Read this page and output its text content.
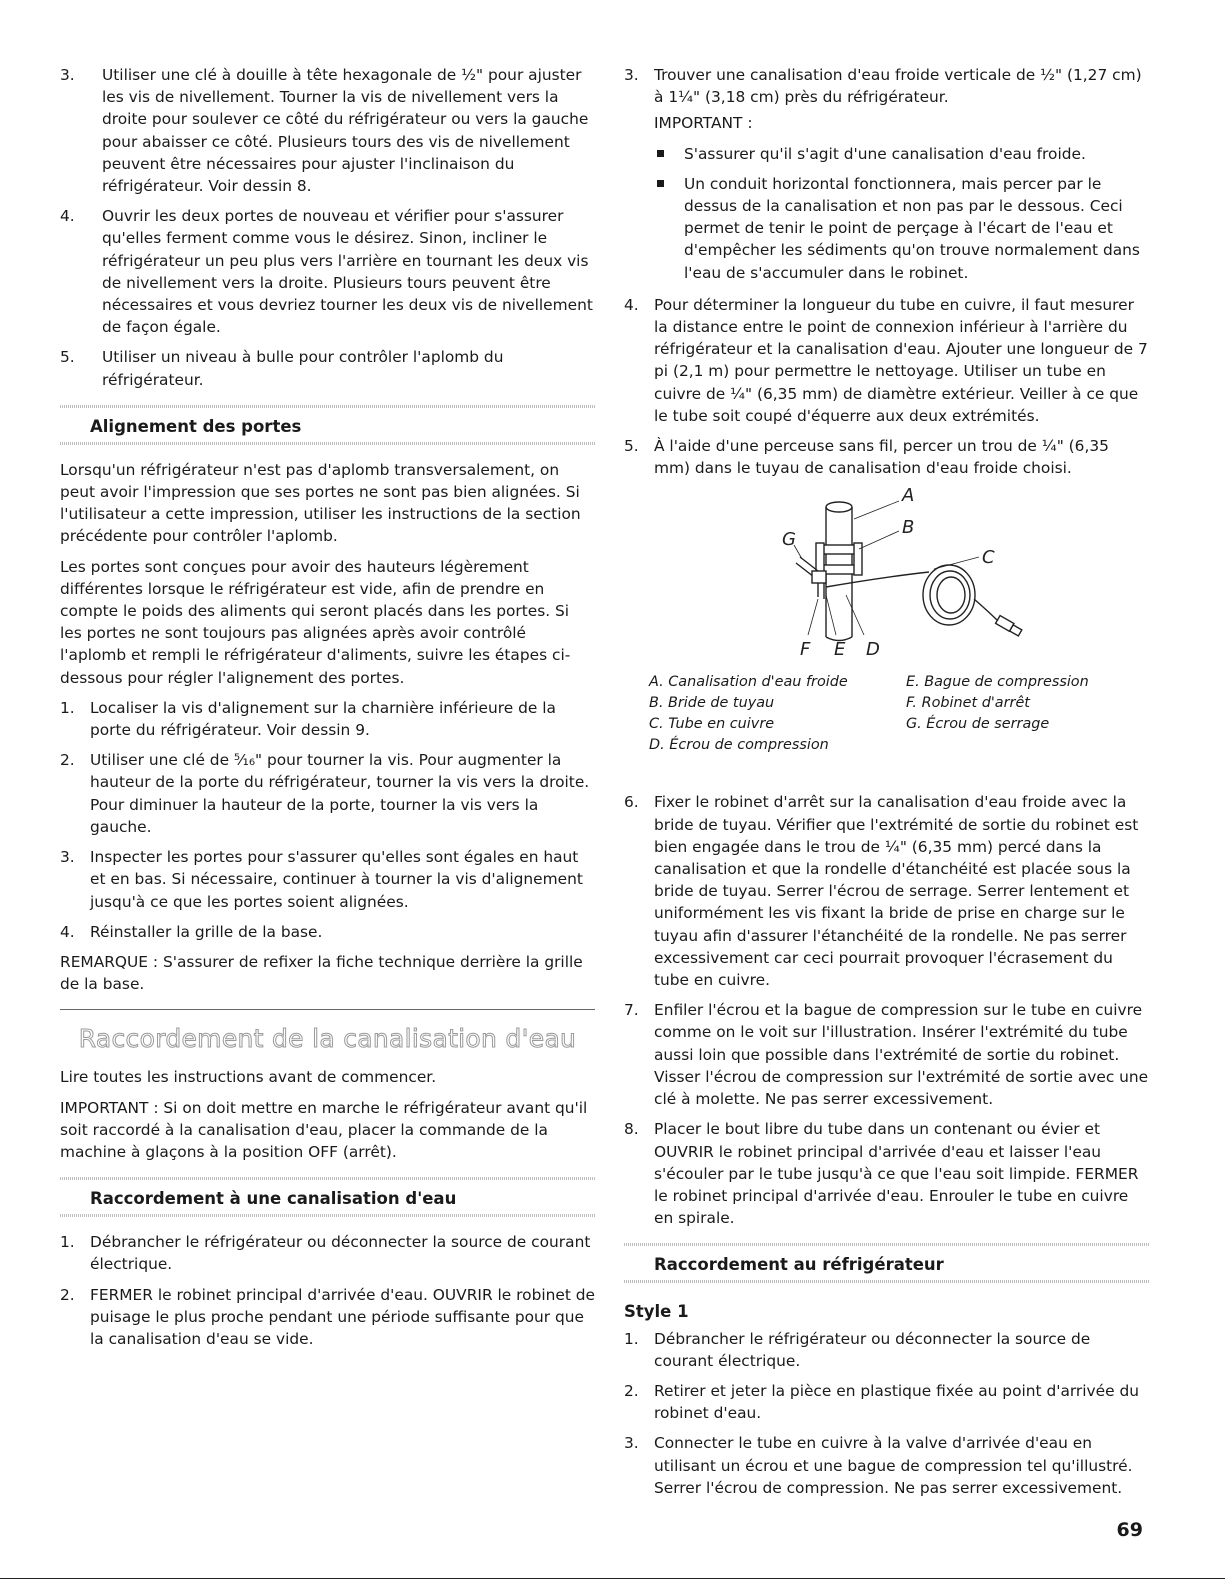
3. Utiliser une clé à douille à tête hexagonale de ½" pour ajuster les vis de nivellement. Tourner la vis de nivellement vers la droite pour soulever ce côté du réfrigérateur ou vers la gauche pour abaisser ce côté. Plusieurs tours des vis de nivellement peuvent être nécessaires pour ajuster l'inclinaison du réfrigérateur. Voir dessin 8.
4. Ouvrir les deux portes de nouveau et vérifier pour s'assurer qu'elles ferment comme vous le désirez. Sinon, incliner le réfrigérateur un peu plus vers l'arrière en tournant les deux vis de nivellement vers la droite. Plusieurs tours peuvent être nécessaires et vous devriez tourner les deux vis de nivellement de façon égale.
5. Utiliser un niveau à bulle pour contrôler l'aplomb du réfrigérateur.
Alignement des portes

Lorsqu'un réfrigérateur n'est pas d'aplomb transversalement, on peut avoir l'impression que ses portes ne sont pas bien alignées. Si l'utilisateur a cette impression, utiliser les instructions de la section précédente pour contrôler l'aplomb.

Les portes sont conçues pour avoir des hauteurs légèrement différentes lorsque le réfrigérateur est vide, afin de prendre en compte le poids des aliments qui seront placés dans les portes. Si les portes ne sont toujours pas alignées après avoir contrôlé l'aplomb et rempli le réfrigérateur d'aliments, suivre les étapes ci-dessous pour régler l'alignement des portes.

1. Localiser la vis d'alignement sur la charnière inférieure de la porte du réfrigérateur. Voir dessin 9.
2. Utiliser une clé de ⁵⁄₁₆" pour tourner la vis. Pour augmenter la hauteur de la porte du réfrigérateur, tourner la vis vers la droite. Pour diminuer la hauteur de la porte, tourner la vis vers la gauche.
3. Inspecter les portes pour s'assurer qu'elles sont égales en haut et en bas. Si nécessaire, continuer à tourner la vis d'alignement jusqu'à ce que les portes soient alignées.
4. Réinstaller la grille de la base.

REMARQUE : S'assurer de refixer la fiche technique derrière la grille de la base.

Raccordement de la canalisation d'eau

Lire toutes les instructions avant de commencer.

IMPORTANT : Si on doit mettre en marche le réfrigérateur avant qu'il soit raccordé à la canalisation d'eau, placer la commande de la machine à glaçons à la position OFF (arrêt).

Raccordement à une canalisation d'eau
1. Débrancher le réfrigérateur ou déconnecter la source de courant électrique.
2. FERMER le robinet principal d'arrivée d'eau. OUVRIR le robinet de puisage le plus proche pendant une période suffisante pour que la canalisation d'eau se vide.
3. Trouver une canalisation d'eau froide verticale de ½" (1,27 cm) à 1¼" (3,18 cm) près du réfrigérateur.
IMPORTANT :
S'assurer qu'il s'agit d'une canalisation d'eau froide.
Un conduit horizontal fonctionnera, mais percer par le dessus de la canalisation et non pas par le dessous. Ceci permet de tenir le point de perçage à l'écart de l'eau et d'empêcher les sédiments qu'on trouve normalement dans l'eau de s'accumuler dans le robinet.
4. Pour déterminer la longueur du tube en cuivre, il faut mesurer la distance entre le point de connexion inférieur à l'arrière du réfrigérateur et la canalisation d'eau. Ajouter une longueur de 7 pi (2,1 m) pour permettre le nettoyage. Utiliser un tube en cuivre de ¼" (6,35 mm) de diamètre extérieur. Veiller à ce que le tube soit coupé d'équerre aux deux extrémités.
5. À l'aide d'une perceuse sans fil, percer un trou de ¼" (6,35 mm) dans le tuyau de canalisation d'eau froide choisi.
A
B
C
G
F E D
A. Canalisation d'eau froide
B. Bride de tuyau
C. Tube en cuivre
D. Écrou de compression
E. Bague de compression
F. Robinet d'arrêt
G. Écrou de serrage
6. Fixer le robinet d'arrêt sur la canalisation d'eau froide avec la bride de tuyau. Vérifier que l'extrémité de sortie du robinet est bien engagée dans le trou de ¼" (6,35 mm) percé dans la canalisation et que la rondelle d'étanchéité est placée sous la bride de tuyau. Serrer l'écrou de serrage. Serrer lentement et uniformément les vis fixant la bride de prise en charge sur le tuyau afin d'assurer l'étanchéité de la rondelle. Ne pas serrer excessivement car ceci pourrait provoquer l'écrasement du tube en cuivre.
7. Enfiler l'écrou et la bague de compression sur le tube en cuivre comme on le voit sur l'illustration. Insérer l'extrémité du tube aussi loin que possible dans l'extrémité de sortie du robinet. Visser l'écrou de compression sur l'extrémité de sortie avec une clé à molette. Ne pas serrer excessivement.
8. Placer le bout libre du tube dans un contenant ou évier et OUVRIR le robinet principal d'arrivée d'eau et laisser l'eau s'écouler par le tube jusqu'à ce que l'eau soit limpide. FERMER le robinet principal d'arrivée d'eau. Enrouler le tube en cuivre en spirale.
Raccordement au réfrigérateur
Style 1
1. Débrancher le réfrigérateur ou déconnecter la source de courant électrique.
2. Retirer et jeter la pièce en plastique fixée au point d'arrivée du robinet d'eau.
3. Connecter le tube en cuivre à la valve d'arrivée d'eau en utilisant un écrou et une bague de compression tel qu'illustré. Serrer l'écrou de compression. Ne pas serrer excessivement.
69
